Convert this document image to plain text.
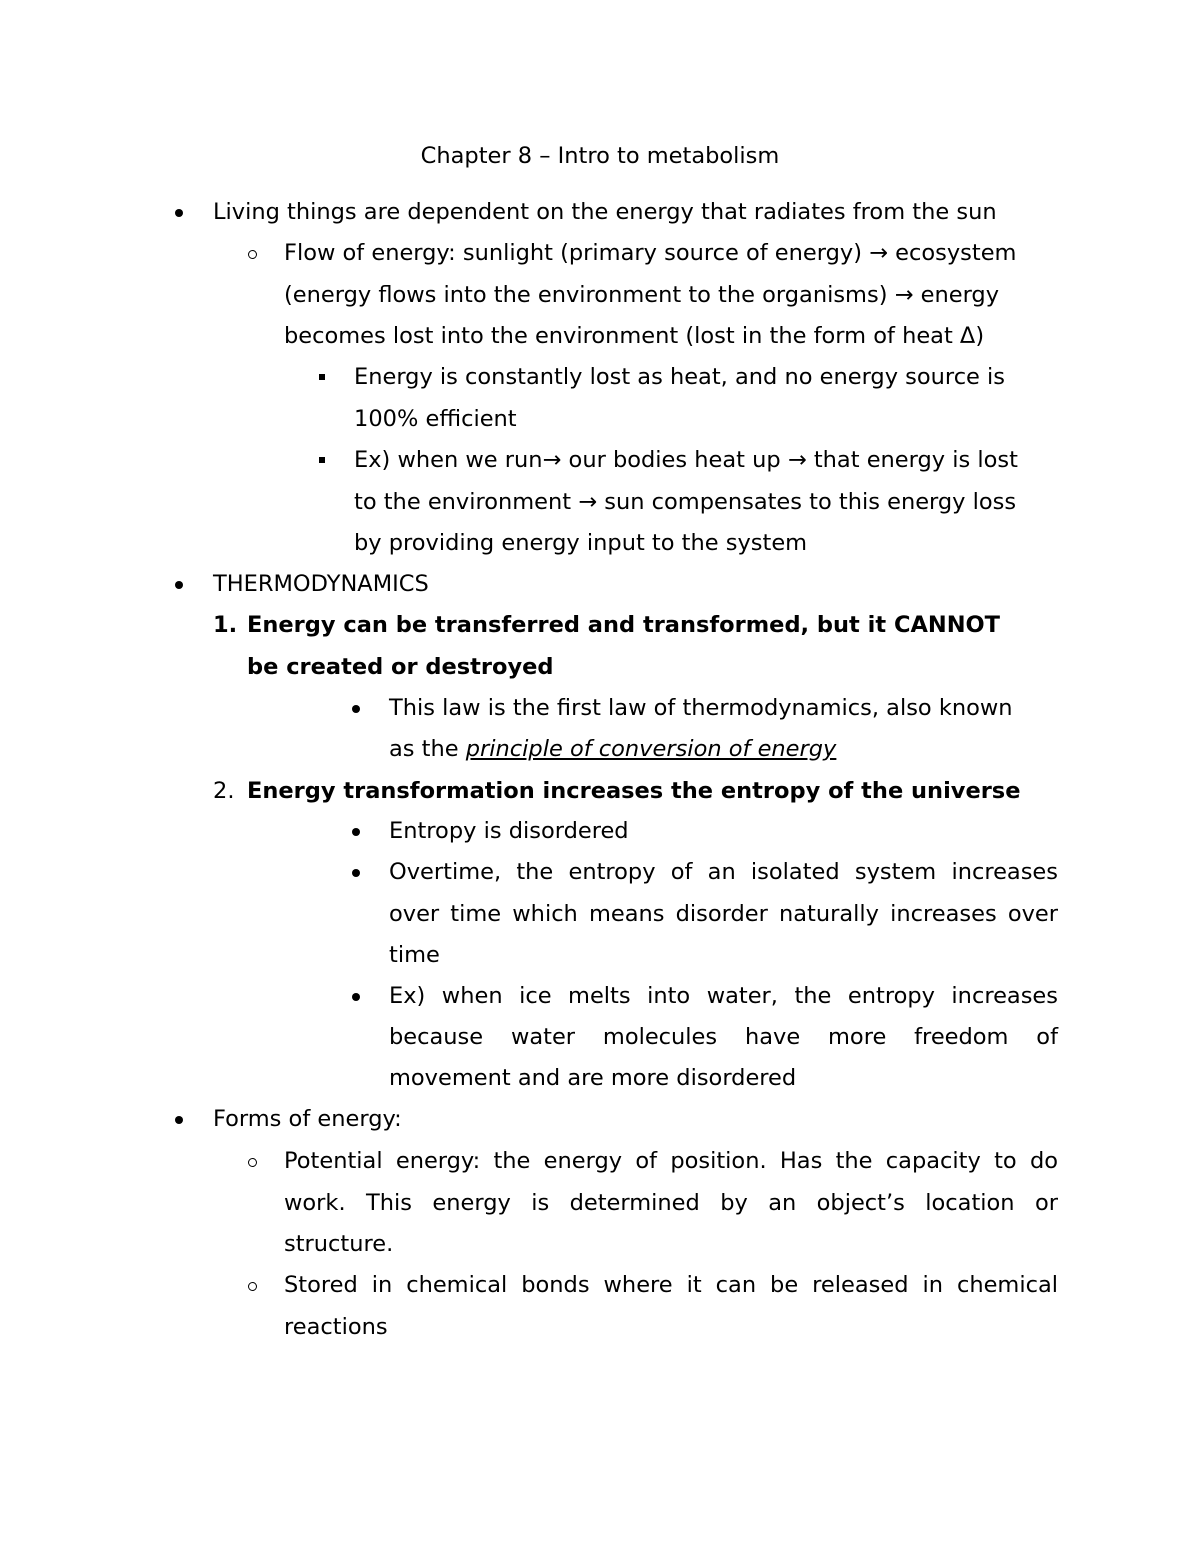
Chapter 8 – Intro to metabolism
Living things are dependent on the energy that radiates from the sun
Flow of energy: sunlight (primary source of energy) → ecosystem
(energy flows into the environment to the organisms) → energy
becomes lost into the environment (lost in the form of heat Δ)
Energy is constantly lost as heat, and no energy source is
100% efficient
Ex) when we run→ our bodies heat up → that energy is lost
to the environment → sun compensates to this energy loss
by providing energy input to the system
THERMODYNAMICS
1. Energy can be transferred and transformed, but it CANNOT
be created or destroyed
This law is the first law of thermodynamics, also known
as the principle of conversion of energy
2. Energy transformation increases the entropy of the universe
Entropy is disordered
Overtime, the entropy of an isolated system increases
over time which means disorder naturally increases over
time
Ex) when ice melts into water, the entropy increases
because water molecules have more freedom of
movement and are more disordered
Forms of energy:
Potential energy: the energy of position. Has the capacity to do
work. This energy is determined by an object’s location or
structure.
Stored in chemical bonds where it can be released in chemical
reactions
